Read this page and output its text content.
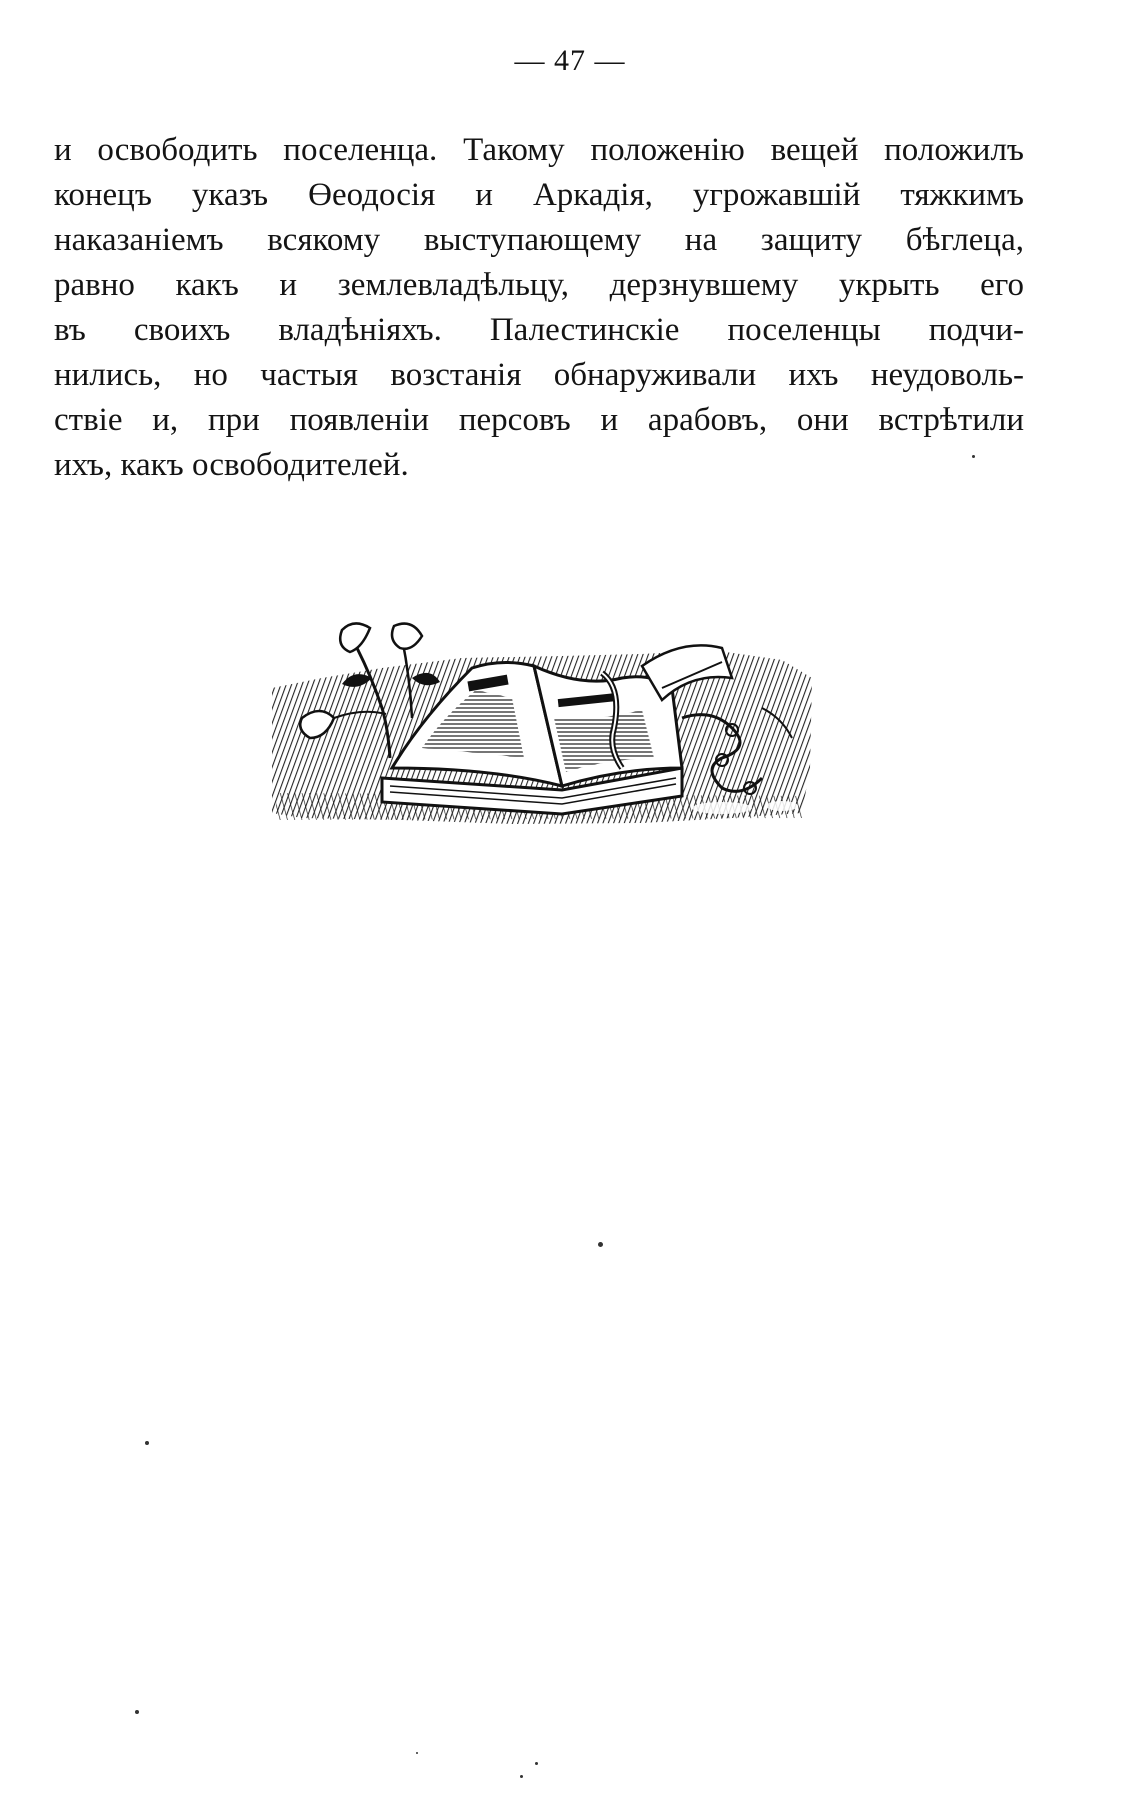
— 47 —
и освободить поселенца. Такому положенію вещей положилъ
конецъ указъ Өеодосія и Аркадія, угрожавшій тяжкимъ
наказаніемъ всякому выступающему на защиту бѣглеца,
равно какъ и землевладѣльцу, дерзнувшему укрыть его
въ своихъ владѣніяхъ. Палестинскіе поселенцы подчи-
нились, но частыя возстанія обнаруживали ихъ неудоволь-
ствіе и, при появленіи персовъ и арабовъ, они встрѣтили
ихъ, какъ освободителей.
